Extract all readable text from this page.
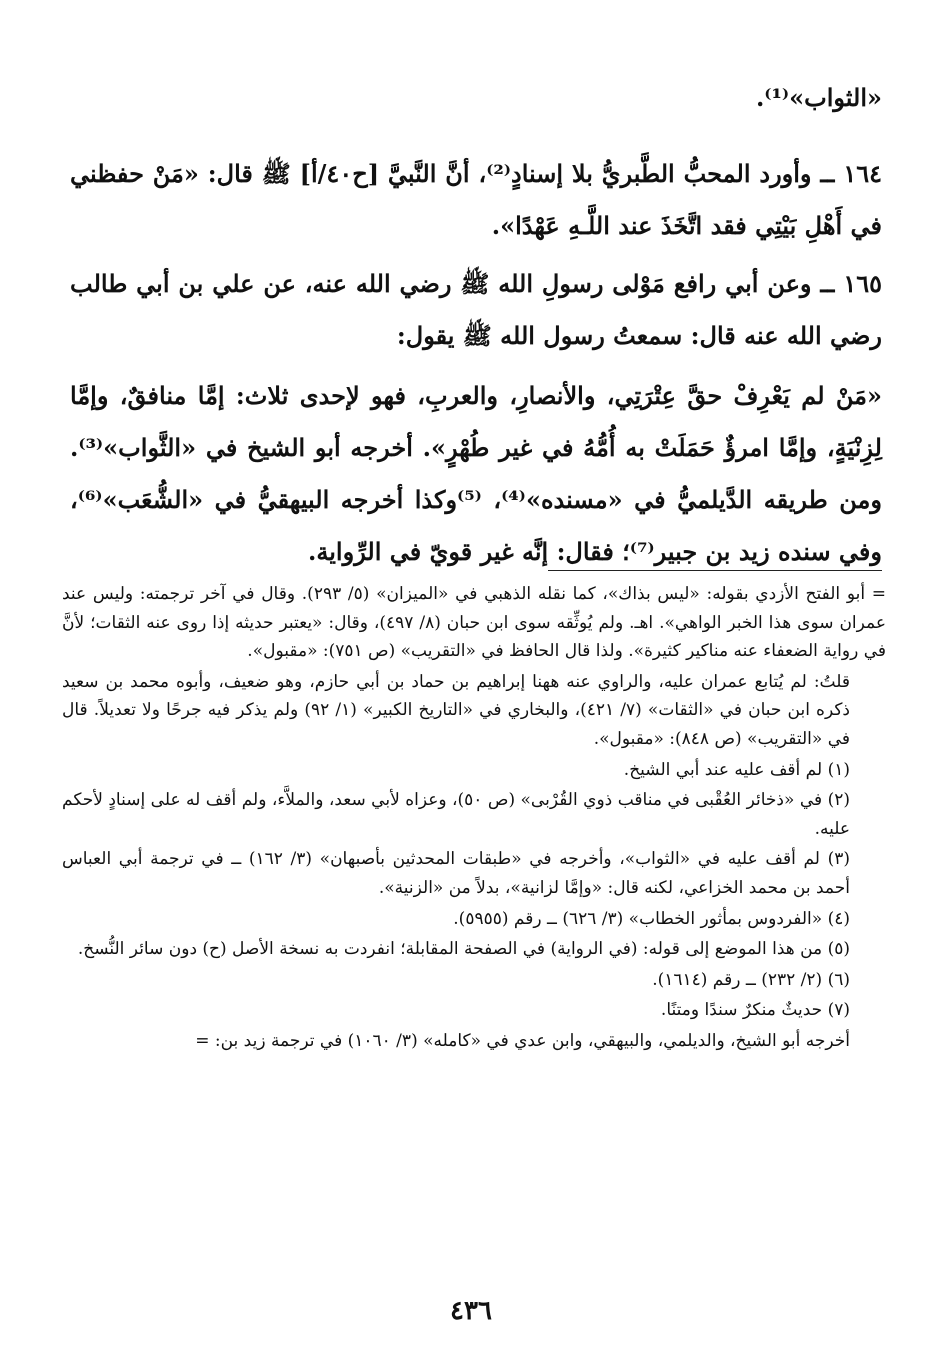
«الثواب»⁽¹⁾.

١٦٤ ــ وأورد المحبُّ الطَّبريُّ بلا إسنادٍ⁽²⁾، أنَّ النَّبيَّ [ح٤٠/أ] ﷺ قال: «مَنْ حفظني في أَهْلِ بَيْتِي فقد اتَّخَذَ عند اللَّـهِ عَهْدًا».

١٦٥ ــ وعن أبي رافع مَوْلى رسولِ الله ﷺ رضي الله عنه، عن علي بن أبي طالب رضي الله عنه قال: سمعتُ رسول الله ﷺ يقول:

«مَنْ لم يَعْرِفْ حقَّ عِتْرَتِي، والأنصارِ، والعربِ، فهو لإحدى ثلاث: إمَّا منافقٌ، وإمَّا لِزِنْيَةٍ، وإمَّا امرؤٌ حَمَلَتْ به أُمُّهُ في غير طُهْرٍ». أخرجه أبو الشيخ في «الثَّواب»⁽³⁾. ومن طريقه الدَّيلميُّ في «مسنده»⁽⁴⁾، ⁽⁵⁾وكذا أخرجه البيهقيُّ في «الشُّعَب»⁽⁶⁾، وفي سنده زيد بن جبير⁽⁷⁾؛ فقال: إنَّه غير قويّ في الرِّواية.

= أبو الفتح الأزدي بقوله: «ليس بذاك»، كما نقله الذهبي في «الميزان» (٥/ ٢٩٣). وقال في آخر ترجمته: وليس عند عمران سوى هذا الخبر الواهي». اهـ. ولم يُوثِّقه سوى ابن حبان (٨/ ٤٩٧)، وقال: «يعتبر حديثه إذا روى عنه الثقات؛ لأنَّ في رواية الضعفاء عنه مناكير كثيرة». ولذا قال الحافظ في «التقريب» (ص ٧٥١): «مقبول».

قلتُ: لم يُتابع عمران عليه، والراوي عنه ههنا إبراهيم بن حماد بن أبي حازم، وهو ضعيف، وأبوه محمد بن سعيد ذكره ابن حبان في «الثقات» (٧/ ٤٢١)، والبخاري في «التاريخ الكبير» (١/ ٩٢) ولم يذكر فيه جرحًا ولا تعديلاً. قال في «التقريب» (ص ٨٤٨): «مقبول».

(١) لم أقف عليه عند أبي الشيخ.

(٢) في «ذخائر العُقْبى في مناقب ذوي القُرْبى» (ص ٥٠)، وعزاه لأبي سعد، والملاَّء، ولم أقف له على إسنادٍ لأحكم عليه.

(٣) لم أقف عليه في «الثواب»، وأخرجه في «طبقات المحدثين بأصبهان» (٣/ ١٦٢) ــ في ترجمة أبي العباس أحمد بن محمد الخزاعي، لكنه قال: «وإمَّا لزانية»، بدلاً من «الزنية».

(٤) «الفردوس بمأثور الخطاب» (٣/ ٦٢٦) ــ رقم (٥٩٥٥).

(٥) من هذا الموضع إلى قوله: (في الرواية) في الصفحة المقابلة؛ انفردت به نسخة الأصل (ح) دون سائر النُّسخ.

(٦) (٢/ ٢٣٢) ــ رقم (١٦١٤).

(٧) حديثٌ منكرٌ سندًا ومتنًا.

أخرجه أبو الشيخ، والديلمي، والبيهقي، وابن عدي في «كامله» (٣/ ١٠٦٠) في ترجمة زيد بن: =

٤٣٦
